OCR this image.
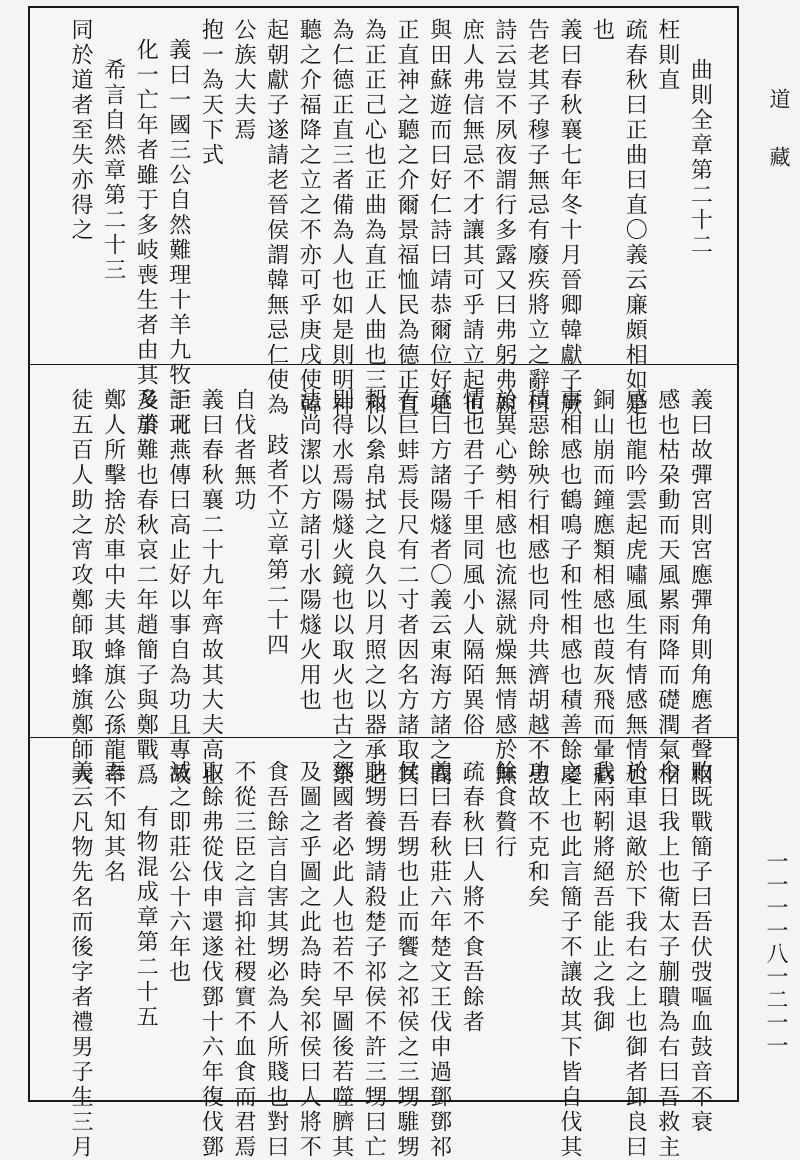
道
藏
一一一一八一二一一
曲則全章第二十二
枉則直
疏春秋曰正曲曰直〇義云廉頗相如是
也
義曰春秋襄七年冬十月晉卿韓獻子厥
告老其子穆子無忌有廢疾將立之辭曰
詩云豈不夙夜謂行多露又曰弗躬弗親
庶人弗信無忌不才讓其可乎請立起也
與田蘇遊而曰好仁詩曰靖恭爾位好是
正直神之聽之介爾景福恤民為德正直
為正正己心也正曲為直正人曲也三和
為仁德正直三者備為人也如是則明神
聽之介福降之立之不亦可乎庚戌使韓
起朝獻子遂請老晉侯謂韓無忌仁使為
公族大夫焉
抱一為天下式
義曰一國三公自然難理十羊九牧詎可
化一亡年者雖于多岐喪生者由其多事
希言自然章第二十三
同於道者至失亦得之
義曰故彈宮則宮應彈角則角應者聲相
感也枯朶動而天風累雨降而礎潤氣相
感也龍吟雲起虎嘯風生有情感無情也
銅山崩而鐘應類相感也葭灰飛而暈虧
事相感也鶴鳴子和性相感也積善餘慶
積惡餘殃行相感也同舟共濟胡越不患
於異心勢相感也流濕就燥無情感於無
情也君子千里同風小人隔陌異俗
疏曰方諸陽燧者〇義云東海方諸之間
有巨蚌焉長尺有二寸者因名方諸取其
殼以絫帛拭之良久以月照之以器承之
則得水焉陽燧火鏡也以取火也古之祭
法尚潔以方諸引水陽燧火用也
跂者不立章第二十四
自伐者無功
義曰春秋襄二十九年齊故其大夫高止
于北燕傳曰高止好以事自為功且專故
及於難也春秋哀二年趙簡子與鄭戰爲
鄭人所擊捨於車中夫其蜂旗公孫龍率
徒五百人助之宵攻鄭師取蜂旗鄭師大
敗既戰簡子曰吾伏弢嘔血鼓音不衰
今日我上也衛太子蒯聵為右曰吾救主
於車退敵於下我右之上也御者卸良曰
我兩靷將絕吾能止之我御
之上也此言簡子不讓故其下皆自伐其
功故不克和矣
餘食贅行
疏春秋曰人將不食吾餘者
義曰春秋莊六年楚文王伐申過鄧鄧祁
侯曰吾甥也止而饗之祁侯之三甥騅甥
聃甥養甥請殺楚子祁侯不許三甥曰亡
鄧國者必此人也若不早圖後若噬臍其
及圖之乎圖之此為時矣祁侯曰人將不
食吾餘言自害其甥必為人所賤也對曰
不從三臣之言抑社稷實不血食而君焉
取餘弗從伐申還遂伐鄧十六年復伐鄧
滅之即莊公十六年也
有物混成章第二十五
吾不知其名
義云凡物先名而後字者禮男子生三月
